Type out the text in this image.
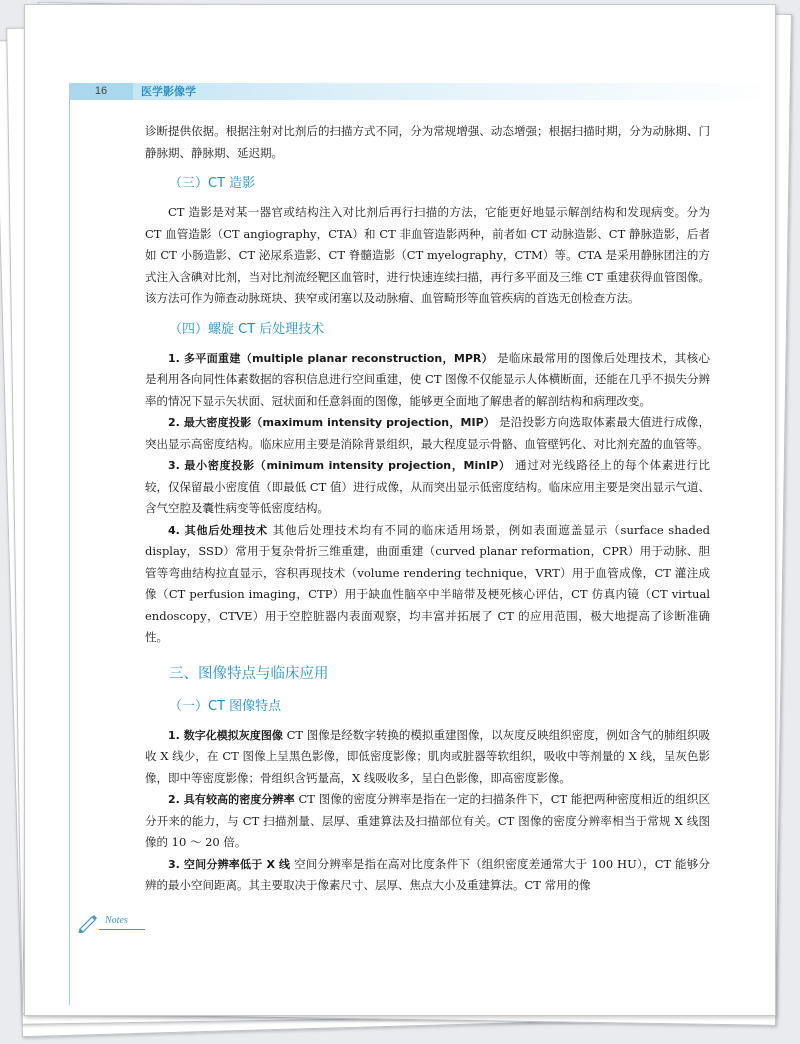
16	医学影像学

诊断提供依据。根据注射对比剂后的扫描方式不同，分为常规增强、动态增强；根据扫描时期，分为动脉期、门静脉期、静脉期、延迟期。

（三）CT 造影

CT 造影是对某一器官或结构注入对比剂后再行扫描的方法，它能更好地显示解剖结构和发现病变。分为 CT 血管造影（CT angiography，CTA）和 CT 非血管造影两种，前者如 CT 动脉造影、CT 静脉造影，后者如 CT 小肠造影、CT 泌尿系造影、CT 脊髓造影（CT myelography，CTM）等。CTA 是采用静脉团注的方式注入含碘对比剂，当对比剂流经靶区血管时，进行快速连续扫描，再行多平面及三维 CT 重建获得血管图像。该方法可作为筛查动脉斑块、狭窄或闭塞以及动脉瘤、血管畸形等血管疾病的首选无创检查方法。

（四）螺旋 CT 后处理技术

1. 多平面重建（multiple planar reconstruction，MPR） 是临床最常用的图像后处理技术，其核心是利用各向同性体素数据的容积信息进行空间重建，使 CT 图像不仅能显示人体横断面，还能在几乎不损失分辨率的情况下显示矢状面、冠状面和任意斜面的图像，能够更全面地了解患者的解剖结构和病理改变。

2. 最大密度投影（maximum intensity projection，MIP） 是沿投影方向选取体素最大值进行成像，突出显示高密度结构。临床应用主要是消除背景组织，最大程度显示骨骼、血管壁钙化、对比剂充盈的血管等。

3. 最小密度投影（minimum intensity projection，MinIP） 通过对光线路径上的每个体素进行比较，仅保留最小密度值（即最低 CT 值）进行成像，从而突出显示低密度结构。临床应用主要是突出显示气道、含气空腔及囊性病变等低密度结构。

4. 其他后处理技术 其他后处理技术均有不同的临床适用场景，例如表面遮盖显示（surface shaded display，SSD）常用于复杂骨折三维重建，曲面重建（curved planar reformation，CPR）用于动脉、胆管等弯曲结构拉直显示，容积再现技术（volume rendering technique，VRT）用于血管成像，CT 灌注成像（CT perfusion imaging，CTP）用于缺血性脑卒中半暗带及梗死核心评估，CT 仿真内镜（CT virtual endoscopy，CTVE）用于空腔脏器内表面观察，均丰富并拓展了 CT 的应用范围，极大地提高了诊断准确性。

三、图像特点与临床应用
（一）CT 图像特点

1. 数字化模拟灰度图像 CT 图像是经数字转换的模拟重建图像，以灰度反映组织密度，例如含气的肺组织吸收 X 线少，在 CT 图像上呈黑色影像，即低密度影像；肌肉或脏器等软组织，吸收中等剂量的 X 线，呈灰色影像，即中等密度影像；骨组织含钙量高，X 线吸收多，呈白色影像，即高密度影像。

2. 具有较高的密度分辨率 CT 图像的密度分辨率是指在一定的扫描条件下，CT 能把两种密度相近的组织区分开来的能力，与 CT 扫描剂量、层厚、重建算法及扫描部位有关。CT 图像的密度分辨率相当于常规 X 线图像的 10 ～ 20 倍。

3. 空间分辨率低于 X 线 空间分辨率是指在高对比度条件下（组织密度差通常大于 100 HU），CT 能够分辨的最小空间距离。其主要取决于像素尺寸、层厚、焦点大小及重建算法。CT 常用的像

Notes
